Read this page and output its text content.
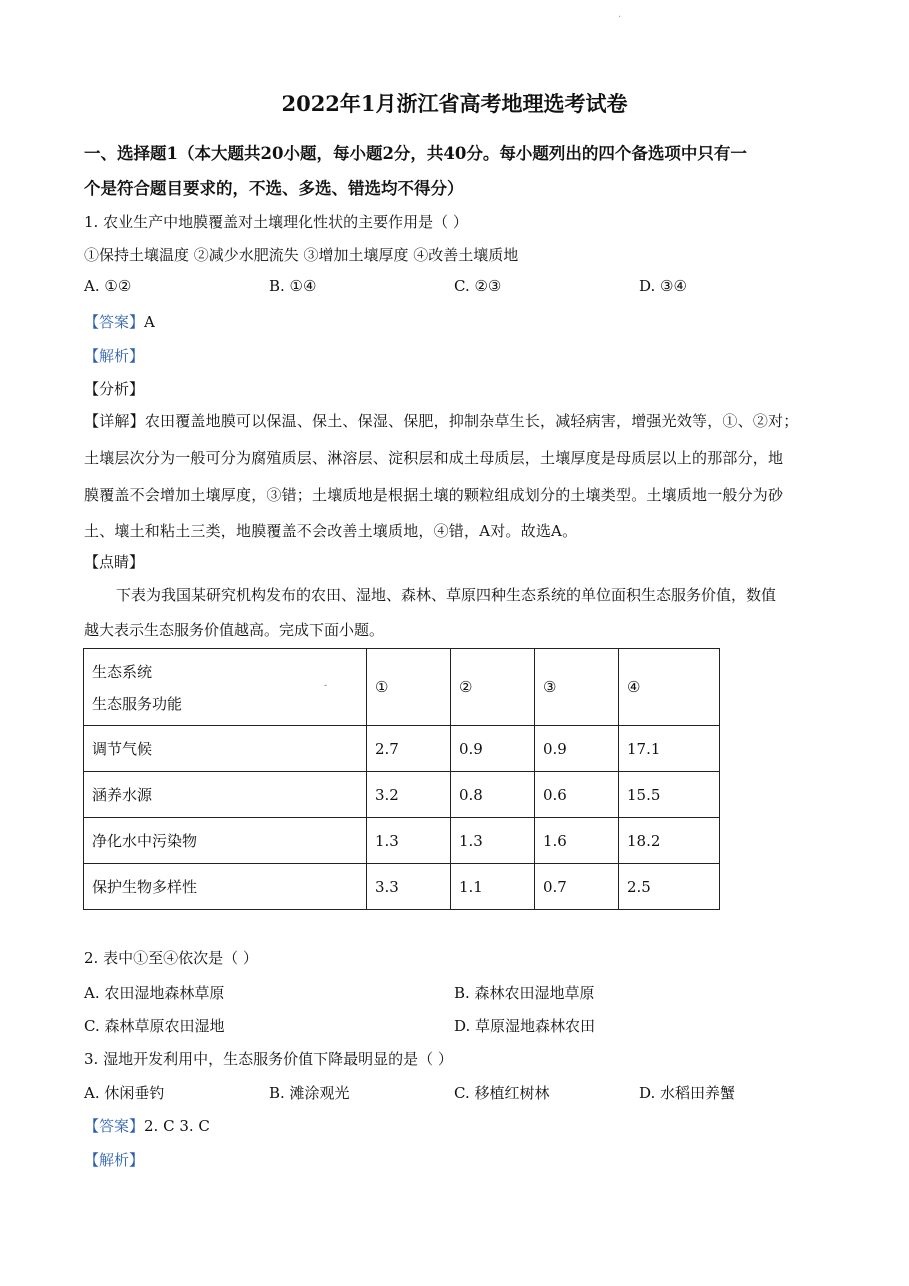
·
2022年1月浙江省高考地理选考试卷
一、选择题1（本大题共20小题，每小题2分，共40分。每小题列出的四个备选项中只有一
个是符合题目要求的，不选、多选、错选均不得分）
1. 农业生产中地膜覆盖对土壤理化性状的主要作用是（ ）
①保持土壤温度 ②减少水肥流失 ③增加土壤厚度 ④改善土壤质地
A. ①②	B. ①④	C. ②③	D. ③④
【答案】A
【解析】
【分析】
【详解】农田覆盖地膜可以保温、保土、保湿、保肥，抑制杂草生长，减轻病害，增强光效等，①、②对；
土壤层次分为一般可分为腐殖质层、淋溶层、淀积层和成土母质层，土壤厚度是母质层以上的那部分，地
膜覆盖不会增加土壤厚度，③错；土壤质地是根据土壤的颗粒组成划分的土壤类型。土壤质地一般分为砂
土、壤土和粘土三类，地膜覆盖不会改善土壤质地，④错，A对。故选A。
【点睛】
下表为我国某研究机构发布的农田、湿地、森林、草原四种生态系统的单位面积生态服务价值，数值
越大表示生态服务价值越高。完成下面小题。
生态系统
生态服务功能
-	①	②	③	④
调节气候	2.7	0.9	0.9	17.1
涵养水源	3.2	0.8	0.6	15.5
净化水中污染物	1.3	1.3	1.6	18.2
保护生物多样性	3.3	1.1	0.7	2.5
2. 表中①至④依次是（ ）
A. 农田湿地森林草原	B. 森林农田湿地草原
C. 森林草原农田湿地	D. 草原湿地森林农田
3. 湿地开发利用中，生态服务价值下降最明显的是（ ）
A. 休闲垂钓	B. 滩涂观光	C. 移植红树林	D. 水稻田养蟹
【答案】2. C 3. C
【解析】
